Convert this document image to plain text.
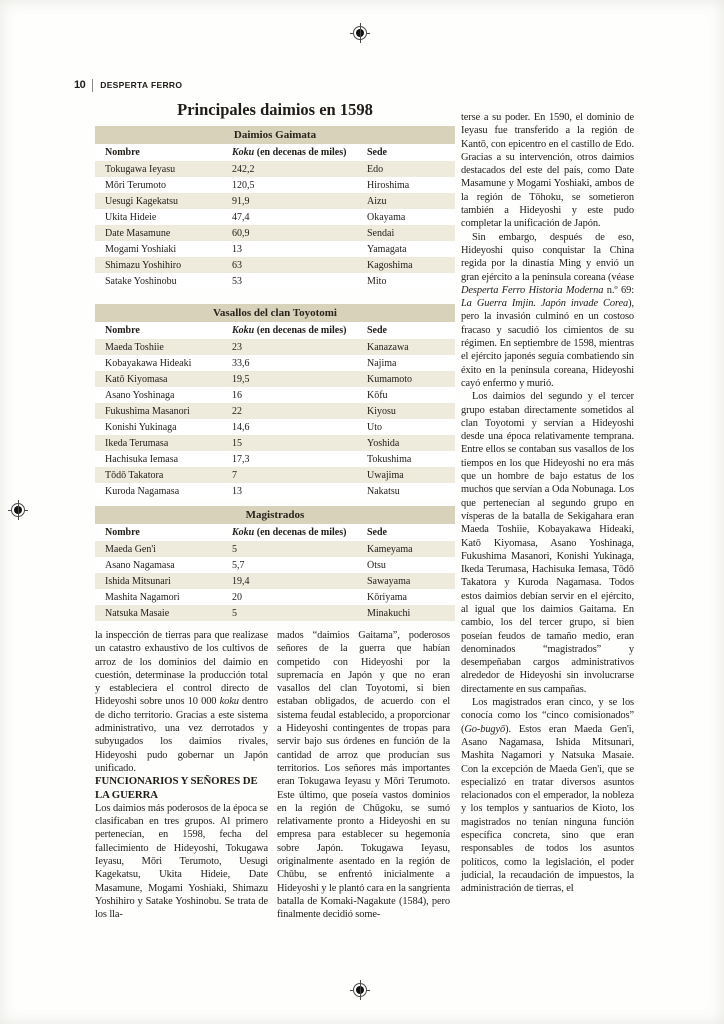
10 DESPERTA FERRO
Principales daimios en 1598
Daimios Gaimata
Nombre	Koku (en decenas de miles)	Sede
Tokugawa Ieyasu	242,2	Edo
Mōri Terumoto	120,5	Hiroshima
Uesugi Kagekatsu	91,9	Aizu
Ukita Hideie	47,4	Okayama
Date Masamune	60,9	Sendai
Mogami Yoshiaki	13	Yamagata
Shimazu Yoshihiro	63	Kagoshima
Satake Yoshinobu	53	Mito
Vasallos del clan Toyotomi
Nombre	Koku (en decenas de miles)	Sede
Maeda Toshiie	23	Kanazawa
Kobayakawa Hideaki	33,6	Najima
Katō Kiyomasa	19,5	Kumamoto
Asano Yoshinaga	16	Kōfu
Fukushima Masanori	22	Kiyosu
Konishi Yukinaga	14,6	Uto
Ikeda Terumasa	15	Yoshida
Hachisuka Iemasa	17,3	Tokushima
Tōdō Takatora	7	Uwajima
Kuroda Nagamasa	13	Nakatsu
Magistrados
Nombre	Koku (en decenas de miles)	Sede
Maeda Gen'i	5	Kameyama
Asano Nagamasa	5,7	Ōtsu
Ishida Mitsunari	19,4	Sawayama
Mashita Nagamori	20	Kōriyama
Natsuka Masaie	5	Minakuchi

la inspección de tierras para que realizase un catastro exhaustivo de los cultivos de arroz de los dominios del daimio en cuestión, determinase la producción total y estableciera el control directo de Hideyoshi sobre unos 10 000 koku dentro de dicho territorio. Gracias a este sistema administrativo, una vez derrotados y subyugados los daimios rivales, Hideyoshi pudo gobernar un Japón unificado.

FUNCIONARIOS Y SEÑORES DE LA GUERRA

Los daimios más poderosos de la época se clasificaban en tres grupos. Al primero pertenecían, en 1598, fecha del fallecimiento de Hideyoshi, Tokugawa Ieyasu, Mōri Terumoto, Uesugi Kagekatsu, Ukita Hideie, Date Masamune, Mogami Yoshiaki, Shimazu Yoshihiro y Satake Yoshinobu. Se trata de los lla-

mados “daimios Gaitama”, poderosos señores de la guerra que habían competido con Hideyoshi por la supremacía en Japón y que no eran vasallos del clan Toyotomi, si bien estaban obligados, de acuerdo con el sistema feudal establecido, a proporcionar a Hideyoshi contingentes de tropas para servir bajo sus órdenes en función de la cantidad de arroz que producían sus territorios. Los señores más importantes eran Tokugawa Ieyasu y Mōri Terumoto. Este último, que poseía vastos dominios en la región de Chūgoku, se sumó relativamente pronto a Hideyoshi en su empresa para establecer su hegemonía sobre Japón. Tokugawa Ieyasu, originalmente asentado en la región de Chūbu, se enfrentó inicialmente a Hideyoshi y le plantó cara en la sangrienta batalla de Komaki-Nagakute (1584), pero finalmente decidió some-

terse a su poder. En 1590, el dominio de Ieyasu fue transferido a la región de Kantō, con epicentro en el castillo de Edo. Gracias a su intervención, otros daimios destacados del este del país, como Date Masamune y Mogami Yoshiaki, ambos de la región de Tōhoku, se sometieron también a Hideyoshi y este pudo completar la unificación de Japón.

Sin embargo, después de eso, Hideyoshi quiso conquistar la China regida por la dinastía Ming y envió un gran ejército a la península coreana (véase Desperta Ferro Historia Moderna n.º 69: La Guerra Imjin. Japón invade Corea), pero la invasión culminó en un costoso fracaso y sacudió los cimientos de su régimen. En septiembre de 1598, mientras el ejército japonés seguía combatiendo sin éxito en la península coreana, Hideyoshi cayó enfermo y murió.

Los daimios del segundo y el tercer grupo estaban directamente sometidos al clan Toyotomi y servían a Hideyoshi desde una época relativamente temprana. Entre ellos se contaban sus vasallos de los tiempos en los que Hideyoshi no era más que un hombre de bajo estatus de los muchos que servían a Oda Nobunaga. Los que pertenecían al segundo grupo en vísperas de la batalla de Sekigahara eran Maeda Toshiie, Kobayakawa Hideaki, Katō Kiyomasa, Asano Yoshinaga, Fukushima Masanori, Konishi Yukinaga, Ikeda Terumasa, Hachisuka Iemasa, Tōdō Takatora y Kuroda Nagamasa. Todos estos daimios debían servir en el ejército, al igual que los daimios Gaitama. En cambio, los del tercer grupo, si bien poseían feudos de tamaño medio, eran denominados “magistrados” y desempeñaban cargos administrativos alrededor de Hideyoshi sin involucrarse directamente en sus campañas.

Los magistrados eran cinco, y se los conocía como los “cinco comisionados” (Go-bugyō). Estos eran Maeda Gen'i, Asano Nagamasa, Ishida Mitsunari, Mashita Nagamori y Natsuka Masaie. Con la excepción de Maeda Gen'i, que se especializó en tratar diversos asuntos relacionados con el emperador, la nobleza y los templos y santuarios de Kioto, los magistrados no tenían ninguna función específica concreta, sino que eran responsables de todos los asuntos políticos, como la legislación, el poder judicial, la recaudación de impuestos, la administración de tierras, el
